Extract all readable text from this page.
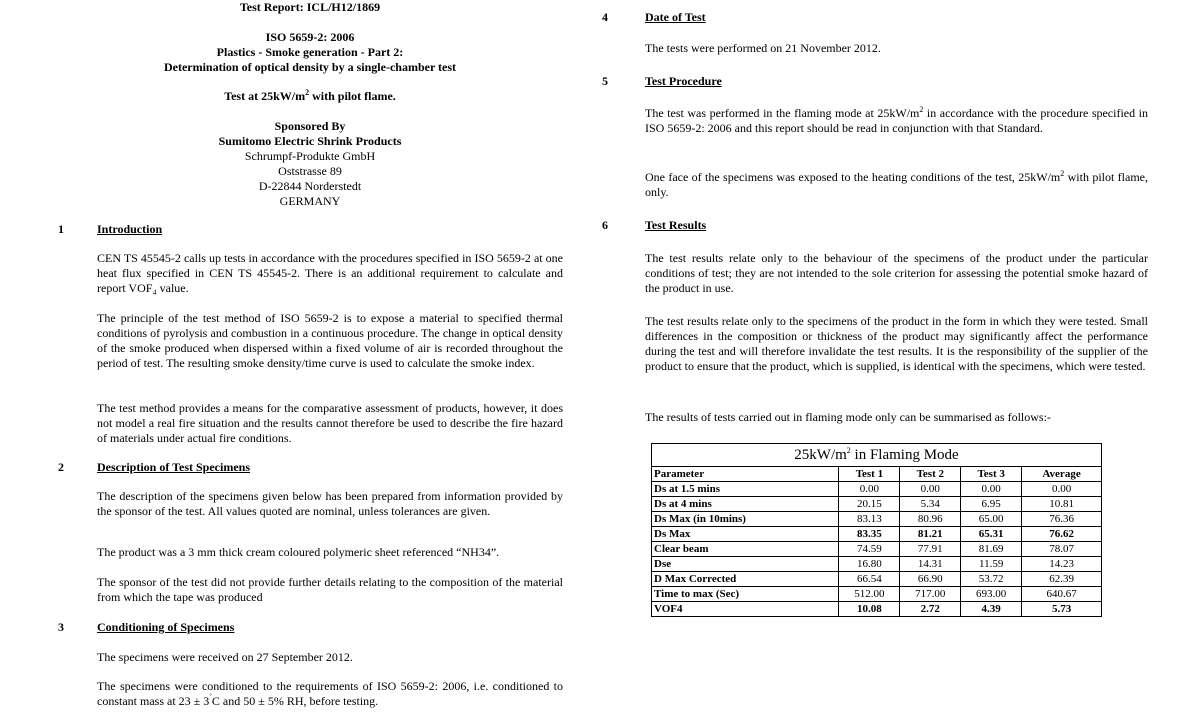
Test Report: ICL/H12/1869
ISO 5659-2: 2006
Plastics - Smoke generation - Part 2:
Determination of optical density by a single-chamber test
Test at $25kW/m^2$ with pilot flame.
Sponsored By
Sumitomo Electric Shrink Products
Schrumpf-Produkte GmbH
Oststrasse 89
D-22844 Norderstedt
GERMANY
1	Introduction

CEN TS 45545-2 calls up tests in accordance with the procedures specified in ISO 5659-2 at one heat flux specified in CEN TS 45545-2. There is an additional requirement to calculate and report VOF₄ value.

The principle of the test method of ISO 5659-2 is to expose a material to specified thermal conditions of pyrolysis and combustion in a continuous procedure. The change in optical density of the smoke produced when dispersed within a fixed volume of air is recorded throughout the period of test. The resulting smoke density/time curve is used to calculate the smoke index.

The test method provides a means for the comparative assessment of products, however, it does not model a real fire situation and the results cannot therefore be used to describe the fire hazard of materials under actual fire conditions.

2	Description of Test Specimens

The description of the specimens given below has been prepared from information provided by the sponsor of the test. All values quoted are nominal, unless tolerances are given.

The product was a 3 mm thick cream coloured polymeric sheet referenced “NH34”.

The sponsor of the test did not provide further details relating to the composition of the material from which the tape was produced

3	Conditioning of Specimens

The specimens were received on 27 September 2012.

The specimens were conditioned to the requirements of ISO 5659-2: 2006, i.e. conditioned to constant mass at 23 ± 3˚C and 50 ± 5% RH, before testing.

4	Date of Test

The tests were performed on 21 November 2012.

5	Test Procedure

The test was performed in the flaming mode at $25kW/m^2$ in accordance with the procedure specified in ISO 5659-2: 2006 and this report should be read in conjunction with that Standard.

One face of the specimens was exposed to the heating conditions of the test, $25kW/m^2$ with pilot flame, only.

6	Test Results

The test results relate only to the behaviour of the specimens of the product under the particular conditions of test; they are not intended to the sole criterion for assessing the potential smoke hazard of the product in use.

The test results relate only to the specimens of the product in the form in which they were tested. Small differences in the composition or thickness of the product may significantly affect the performance during the test and will therefore invalidate the test results. It is the responsibility of the supplier of the product to ensure that the product, which is supplied, is identical with the specimens, which were tested.

The results of tests carried out in flaming mode only can be summarised as follows:-

$25kW/m^2$ in Flaming Mode				
Parameter	Test 1	Test 2	Test 3	Average
Ds at 1.5 mins	0.00	0.00	0.00	0.00
Ds at 4 mins	20.15	5.34	6.95	10.81
Ds Max (in 10mins)	83.13	80.96	65.00	76.36
Ds Max	83.35	81.21	65.31	76.62
Clear beam	74.59	77.91	81.69	78.07
Dse	16.80	14.31	11.59	14.23
D Max Corrected	66.54	66.90	53.72	62.39
Time to max (Sec)	512.00	717.00	693.00	640.67
VOF4	10.08	2.72	4.39	5.73
